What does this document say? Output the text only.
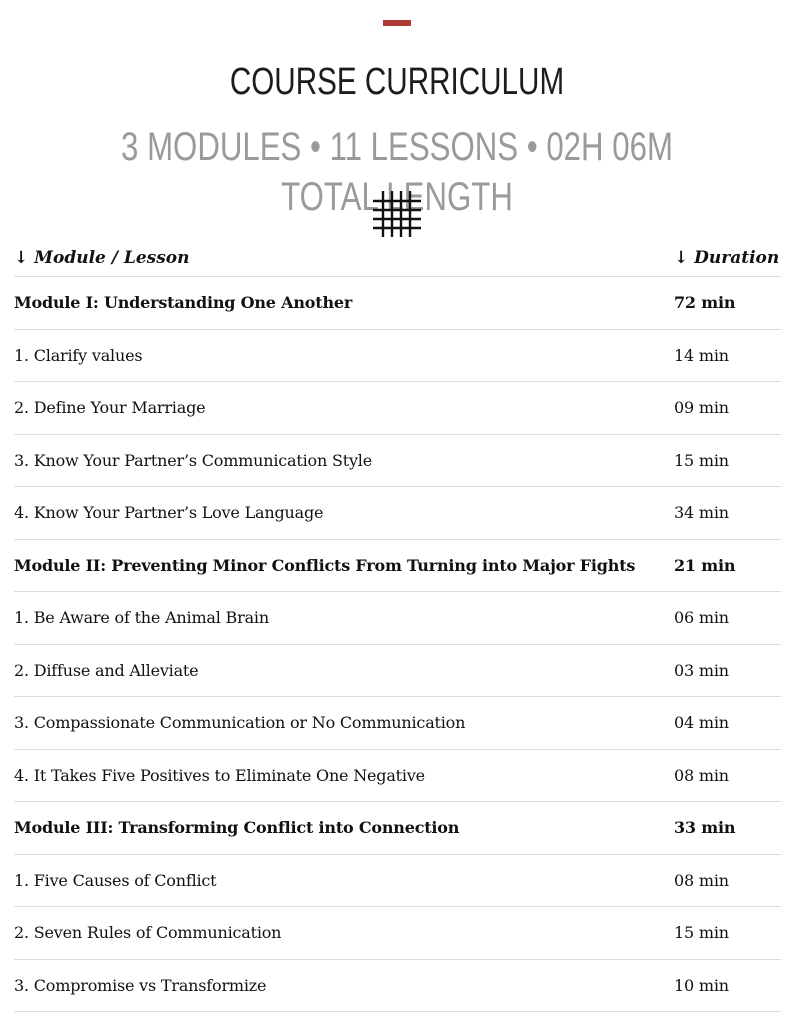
COURSE CURRICULUM
3 MODULES • 11 LESSONS • 02H 06M TOTAL LENGTH
↓ Module / Lesson	↓ Duration
Module I: Understanding One Another	72 min
1. Clarify values	14 min
2. Define Your Marriage	09 min
3. Know Your Partner’s Communication Style	15 min
4. Know Your Partner’s Love Language	34 min
Module II: Preventing Minor Conflicts From Turning into Major Fights 21 min
1. Be Aware of the Animal Brain	06 min
2. Diffuse and Alleviate	03 min
3. Compassionate Communication or No Communication	04 min
4. It Takes Five Positives to Eliminate One Negative	08 min
Module III: Transforming Conflict into Connection	33 min
1. Five Causes of Conflict	08 min
2. Seven Rules of Communication	15 min
3. Compromise vs Transformize	10 min
